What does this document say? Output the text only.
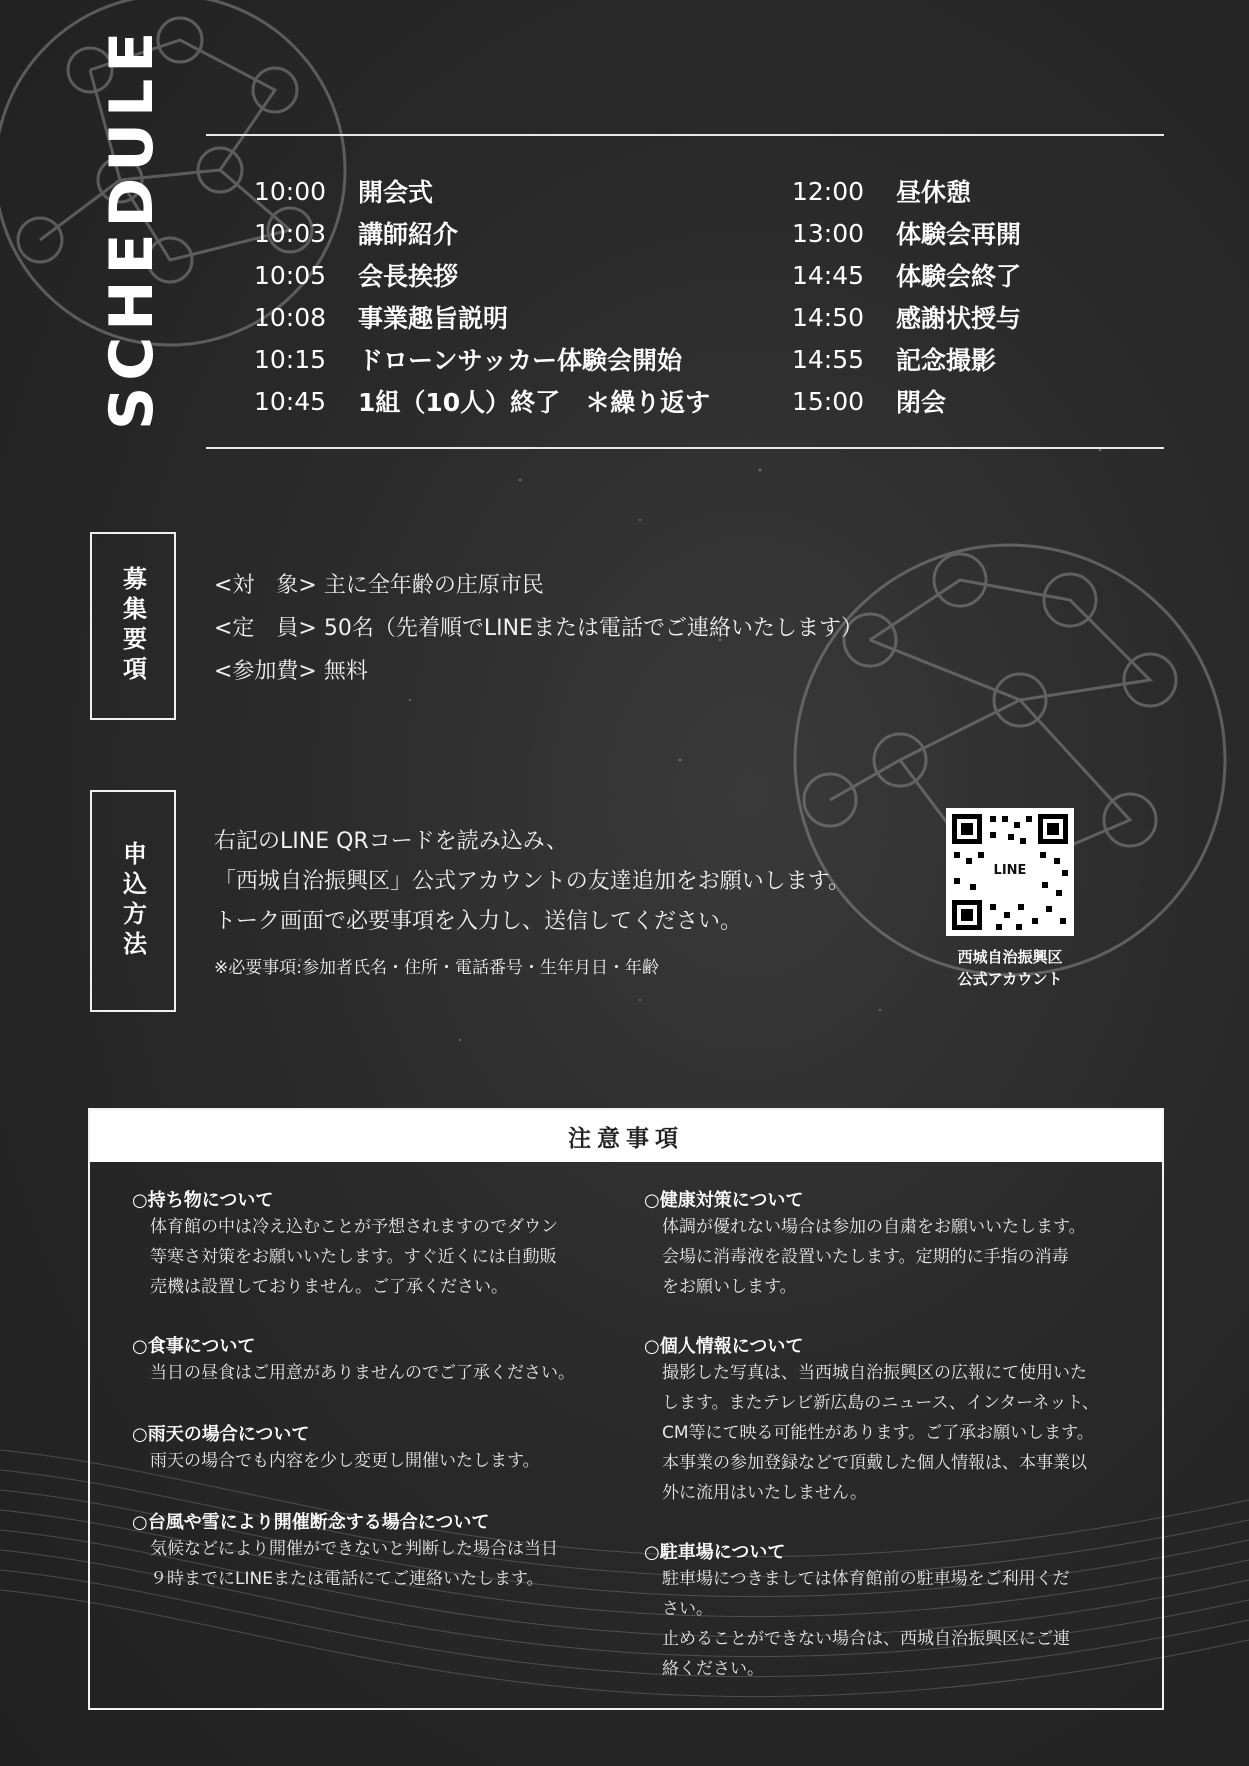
SCHEDULE	10:00	開会式
10:03	講師紹介
10:05	会長挨拶
10:08	事業趣旨説明
10:15	ドローンサッカー体験会開始
10:45	1組（10人）終了　＊繰り返す
12:00	昼休憩
13:00	体験会再開
14:45	体験会終了
14:50	感謝状授与
14:55	記念撮影
15:00	閉会
募集要項	<対　象> 主に全年齢の庄原市民
<定　員> 50名（先着順でLINEまたは電話でご連絡いたします）
<参加費> 無料
申込方法	右記のLINE QRコードを読み込み、
「西城自治振興区」公式アカウントの友達追加をお願いします。
トーク画面で必要事項を入力し、送信してください。
※必要事項:参加者氏名・住所・電話番号・生年月日・年齢
LINE
西城自治振興区
公式アカウント
注意事項
○持ち物について
体育館の中は冷え込むことが予想されますのでダウン
等寒さ対策をお願いいたします。すぐ近くには自動販
売機は設置しておりません。ご了承ください。
○食事について
当日の昼食はご用意がありませんのでご了承ください。
○雨天の場合について
雨天の場合でも内容を少し変更し開催いたします。
○台風や雪により開催断念する場合について
気候などにより開催ができないと判断した場合は当日
９時までにLINEまたは電話にてご連絡いたします。
○健康対策について
体調が優れない場合は参加の自粛をお願いいたします。
会場に消毒液を設置いたします。定期的に手指の消毒
をお願いします。
○個人情報について
撮影した写真は、当西城自治振興区の広報にて使用いた
します。またテレビ新広島のニュース、インターネット、
CM等にて映る可能性があります。ご了承お願いします。
本事業の参加登録などで頂戴した個人情報は、本事業以
外に流用はいたしません。
○駐車場について
駐車場につきましては体育館前の駐車場をご利用くだ
さい。
止めることができない場合は、西城自治振興区にご連
絡ください。
